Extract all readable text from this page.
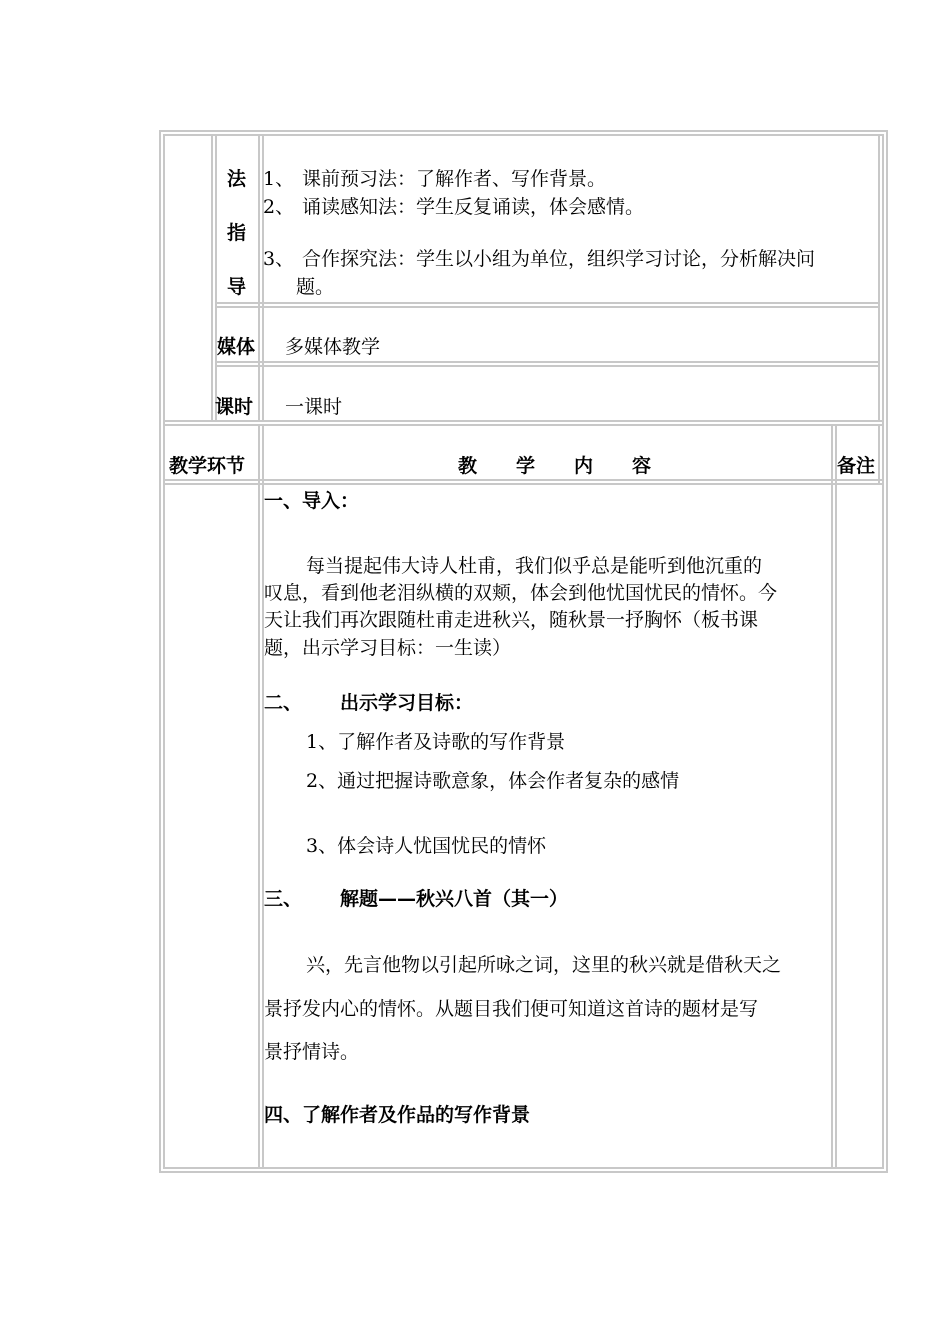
法
指
导
1、 课前预习法：了解作者、写作背景。
2、 诵读感知法：学生反复诵读，体会感情。
3、 合作探究法：学生以小组为单位，组织学习讨论，分析解决问
题。
媒体 多媒体教学
课时 一课时
教学环节	教　学　内　容	备注
一、导入：
每当提起伟大诗人杜甫，我们似乎总是能听到他沉重的
叹息，看到他老泪纵横的双颊，体会到他忧国忧民的情怀。今
天让我们再次跟随杜甫走进秋兴，随秋景一抒胸怀（板书课
题，出示学习目标：一生读）
二、 出示学习目标：
1、了解作者及诗歌的写作背景
2、通过把握诗歌意象，体会作者复杂的感情
3、体会诗人忧国忧民的情怀
三、 解题——秋兴八首（其一）
兴，先言他物以引起所咏之词，这里的秋兴就是借秋天之
景抒发内心的情怀。从题目我们便可知道这首诗的题材是写
景抒情诗。
四、了解作者及作品的写作背景
